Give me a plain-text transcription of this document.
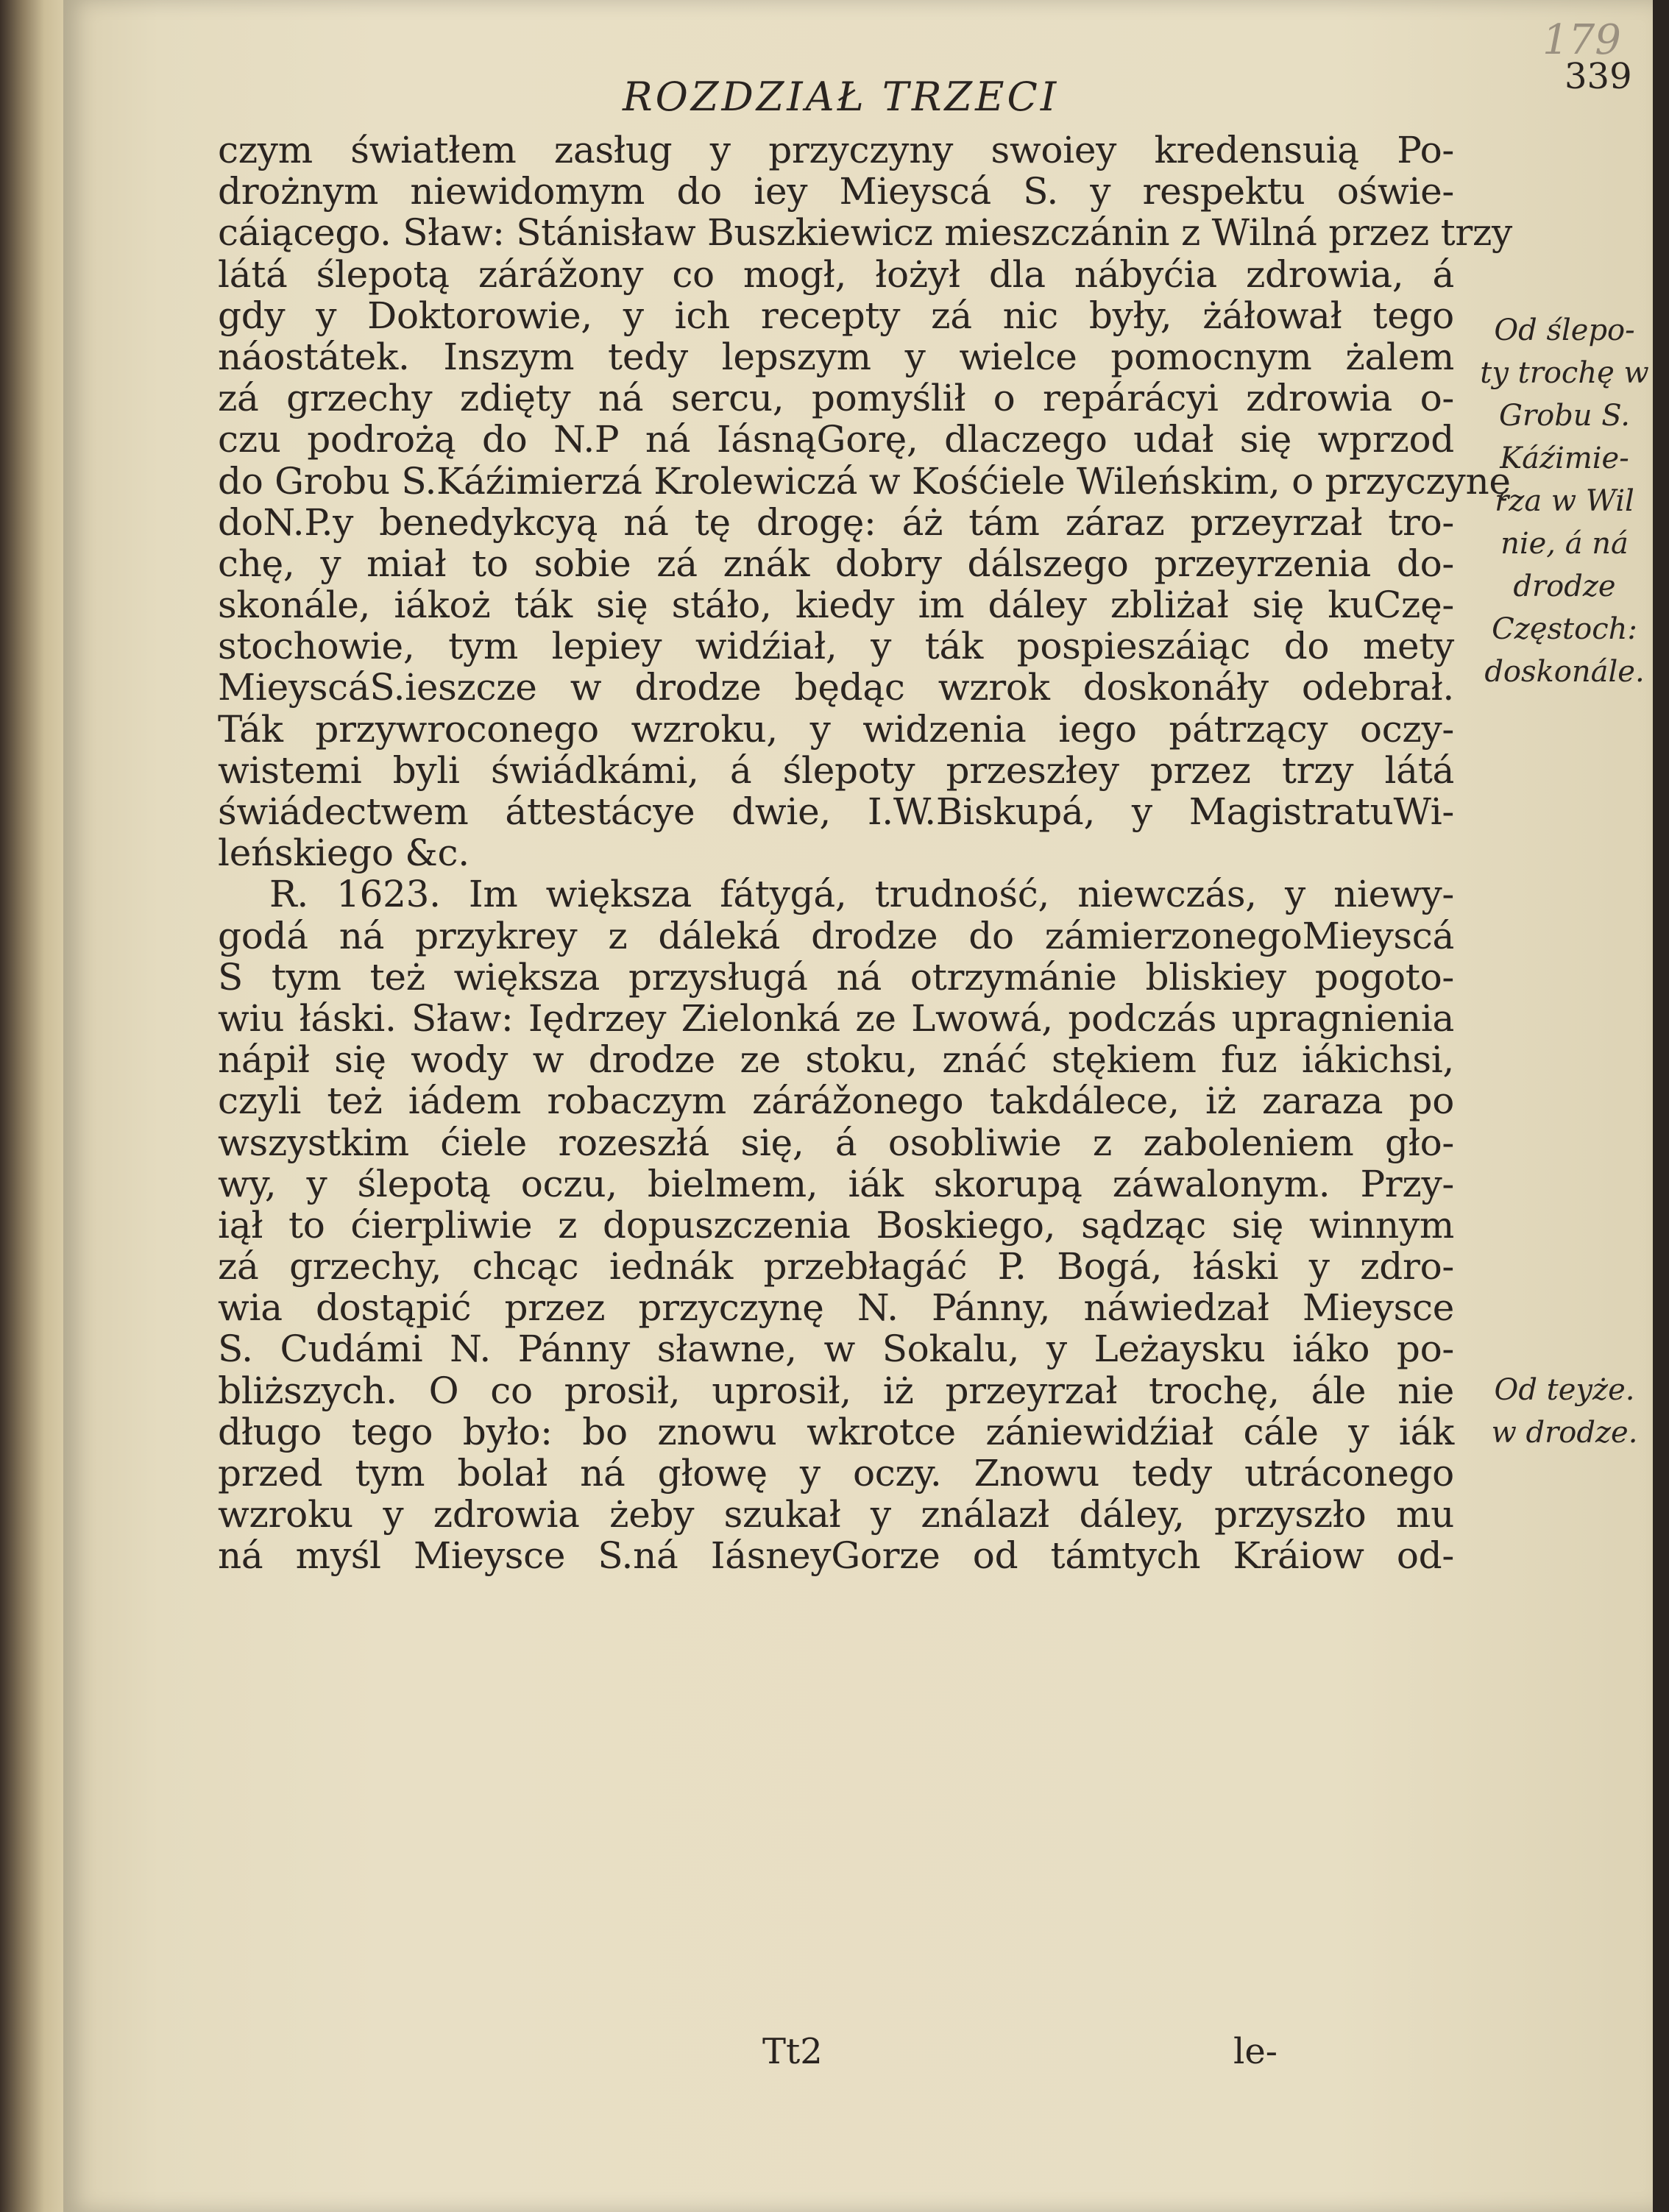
179
339
ROZDZIAŁ TRZECI
czym światłem zasług y przyczyny swoiey kredensuią Po-
drożnym niewidomym do iey Mieyscá S. y respektu oświe-
cáiącego. Sław: Stánisław Buszkiewicz mieszczánin z Wilná przez trzy
látá ślepotą zárážony co mogł, łożył dla nábyćia zdrowia, á
gdy y Doktorowie, y ich recepty zá nic były, żáłował tego
náostátek. Inszym tedy lepszym y wielce pomocnym żalem
zá grzechy zdięty ná sercu, pomyślił o repárácyi zdrowia o-
czu podrożą do N.P ná IásnąGorę, dlaczego udał się wprzod
do Grobu S.Káźimierzá Krolewiczá w Kośćiele Wileńskim, o przyczynę
doN.P.y benedykcyą ná tę drogę: áż tám záraz przeyrzał tro-
chę, y miał to sobie zá znák dobry dálszego przeyrzenia do-
skonále, iákoż ták się stáło, kiedy im dáley zbliżał się kuCzę-
stochowie, tym lepiey widźiał, y ták pospieszáiąc do mety
MieyscáS.ieszcze w drodze będąc wzrok doskonáły odebrał.
Ták przywroconego wzroku, y widzenia iego pátrzący oczy-
wistemi byli świádkámi, á ślepoty przeszłey przez trzy látá
świádectwem áttestácye dwie, I.W.Biskupá, y MagistratuWi-
leńskiego &c.
R. 1623. Im większa fátygá, trudność, niewczás, y niewy-
godá ná przykrey z dáleká drodze do zámierzonegoMieyscá
S tym też większa przysługá ná otrzymánie bliskiey pogoto-
wiu łáski. Sław: Iędrzey Zielonká ze Lwowá, podczás upragnienia
nápił się wody w drodze ze stoku, znáć stękiem fuz iákichsi,
czyli też iádem robaczym zárážonego takdálece, iż zaraza po
wszystkim ćiele rozeszłá się, á osobliwie z zaboleniem gło-
wy, y ślepotą oczu, bielmem, iák skorupą záwalonym. Przy-
iął to ćierpliwie z dopuszczenia Boskiego, sądząc się winnym
zá grzechy, chcąc iednák przebłagáć P. Bogá, łáski y zdro-
wia dostąpić przez przyczynę N. Pánny, náwiedzał Mieysce
S. Cudámi N. Pánny sławne, w Sokalu, y Leżaysku iáko po-
bliższych. O co prosił, uprosił, iż przeyrzał trochę, ále nie
długo tego było: bo znowu wkrotce zániewidźiał cále y iák
przed tym bolał ná głowę y oczy. Znowu tedy utráconego
wzroku y zdrowia żeby szukał y ználazł dáley, przyszło mu
ná myśl Mieysce S.ná IásneyGorze od támtych Kráiow od-
Od ślepo-
ty trochę w
Grobu S.
Káźimie-
rza w Wil
nie, á ná
drodze
Częstoch:
doskonále.
Od teyże.
w drodze.
Tt2	le-
